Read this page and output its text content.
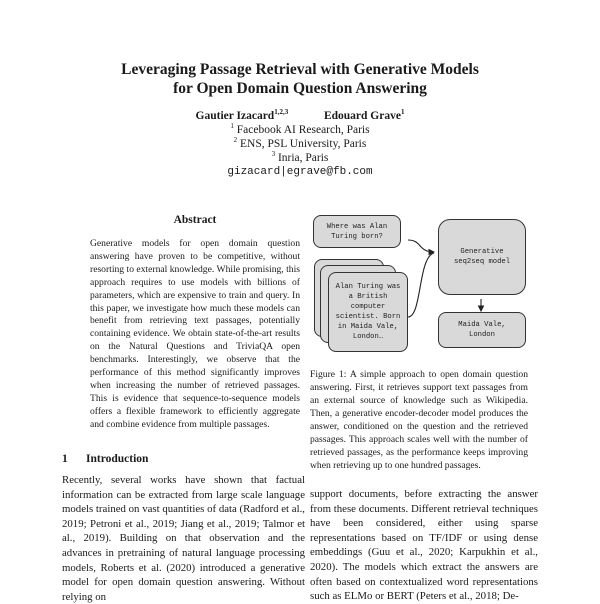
Leveraging Passage Retrieval with Generative Models
for Open Domain Question Answering
Gautier Izacard$^{1,2,3}$	Edouard Grave$^1$
$^1$ Facebook AI Research, Paris
$^2$ ENS, PSL University, Paris
$^3$ Inria, Paris
gizacard|egrave@fb.com
Abstract
Generative models for open domain question answering have proven to be competitive, without resorting to external knowledge. While promising, this approach requires to use models with billions of parameters, which are expensive to train and query. In this paper, we investigate how much these models can benefit from retrieving text passages, potentially containing evidence. We obtain state-of-the-art results on the Natural Questions and TriviaQA open benchmarks. Interestingly, we observe that the performance of this method significantly improves when increasing the number of retrieved passages. This is evidence that sequence-to-sequence models offers a flexible framework to efficiently aggregate and combine evidence from multiple passages.
Where was Alan Turing born?
Alan Turing was a British computer scientist. Born in Maida Vale, London…
Generative seq2seq model
Maida Vale, London
Figure 1: A simple approach to open domain question answering. First, it retrieves support text passages from an external source of knowledge such as Wikipedia. Then, a generative encoder-decoder model produces the answer, conditioned on the question and the retrieved passages. This approach scales well with the number of retrieved passages, as the performance keeps improving when retrieving up to one hundred passages.
1 Introduction
Recently, several works have shown that factual information can be extracted from large scale language models trained on vast quantities of data (Radford et al., 2019; Petroni et al., 2019; Jiang et al., 2019; Talmor et al., 2019). Building on that observation and the advances in pretraining of natural language processing models, Roberts et al. (2020) introduced a generative model for open domain question answering. Without relying on
support documents, before extracting the answer from these documents. Different retrieval techniques have been considered, either using sparse representations based on TF/IDF or using dense embeddings (Guu et al., 2020; Karpukhin et al., 2020). The models which extract the answers are often based on contextualized word representations such as ELMo or BERT (Peters et al., 2018; De-
